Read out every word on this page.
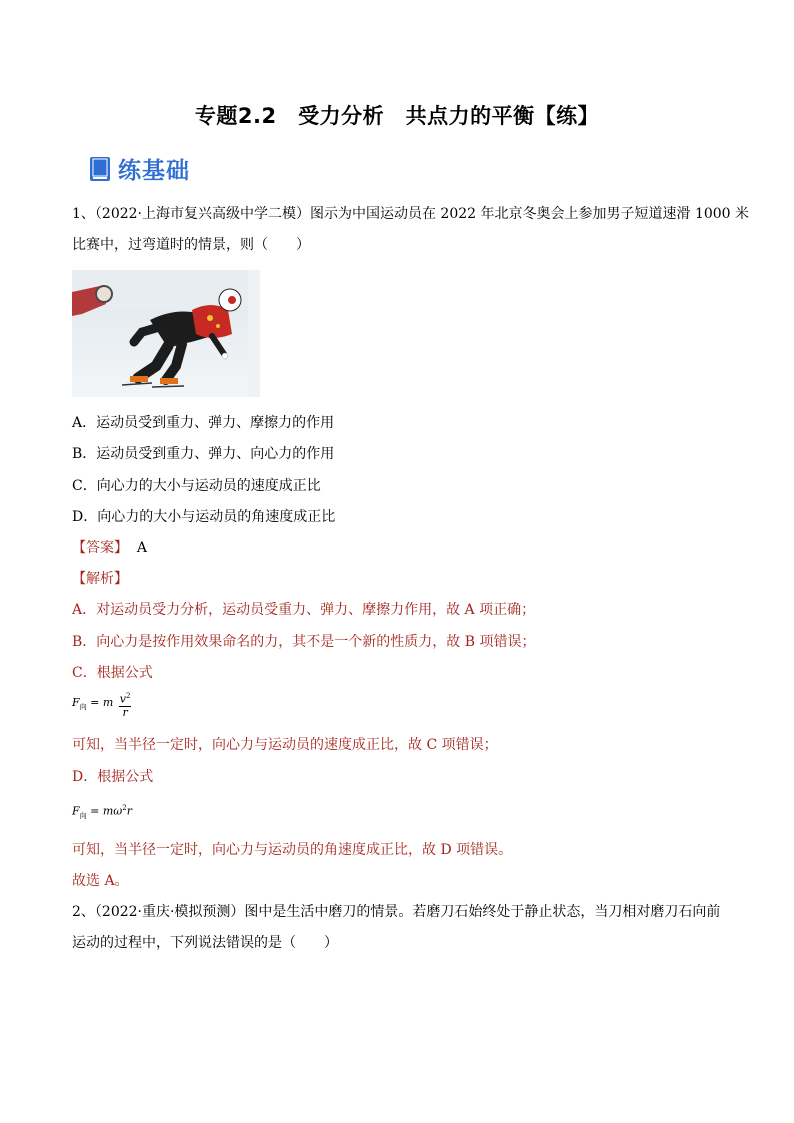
专题2.2　受力分析　共点力的平衡【练】
练基础
1、（2022·上海市复兴高级中学二模）图示为中国运动员在 2022 年北京冬奥会上参加男子短道速滑 1000 米
比赛中，过弯道时的情景，则（　　）
A．运动员受到重力、弹力、摩擦力的作用
B．运动员受到重力、弹力、向心力的作用
C．向心力的大小与运动员的速度成正比
D．向心力的大小与运动员的角速度成正比
【答案】 A
【解析】
A．对运动员受力分析，运动员受重力、弹力、摩擦力作用，故 A 项正确；
B．向心力是按作用效果命名的力，其不是一个新的性质力，故 B 项错误；
C．根据公式
$F_向 = m \frac{v^2}{r}$
可知，当半径一定时，向心力与运动员的速度成正比，故 C 项错误；
D．根据公式
$F_向 = m\omega^2r$
可知，当半径一定时，向心力与运动员的角速度成正比，故 D 项错误。
故选 A。
2、（2022·重庆·模拟预测）图中是生活中磨刀的情景。若磨刀石始终处于静止状态，当刀相对磨刀石向前
运动的过程中，下列说法错误的是（　　）
